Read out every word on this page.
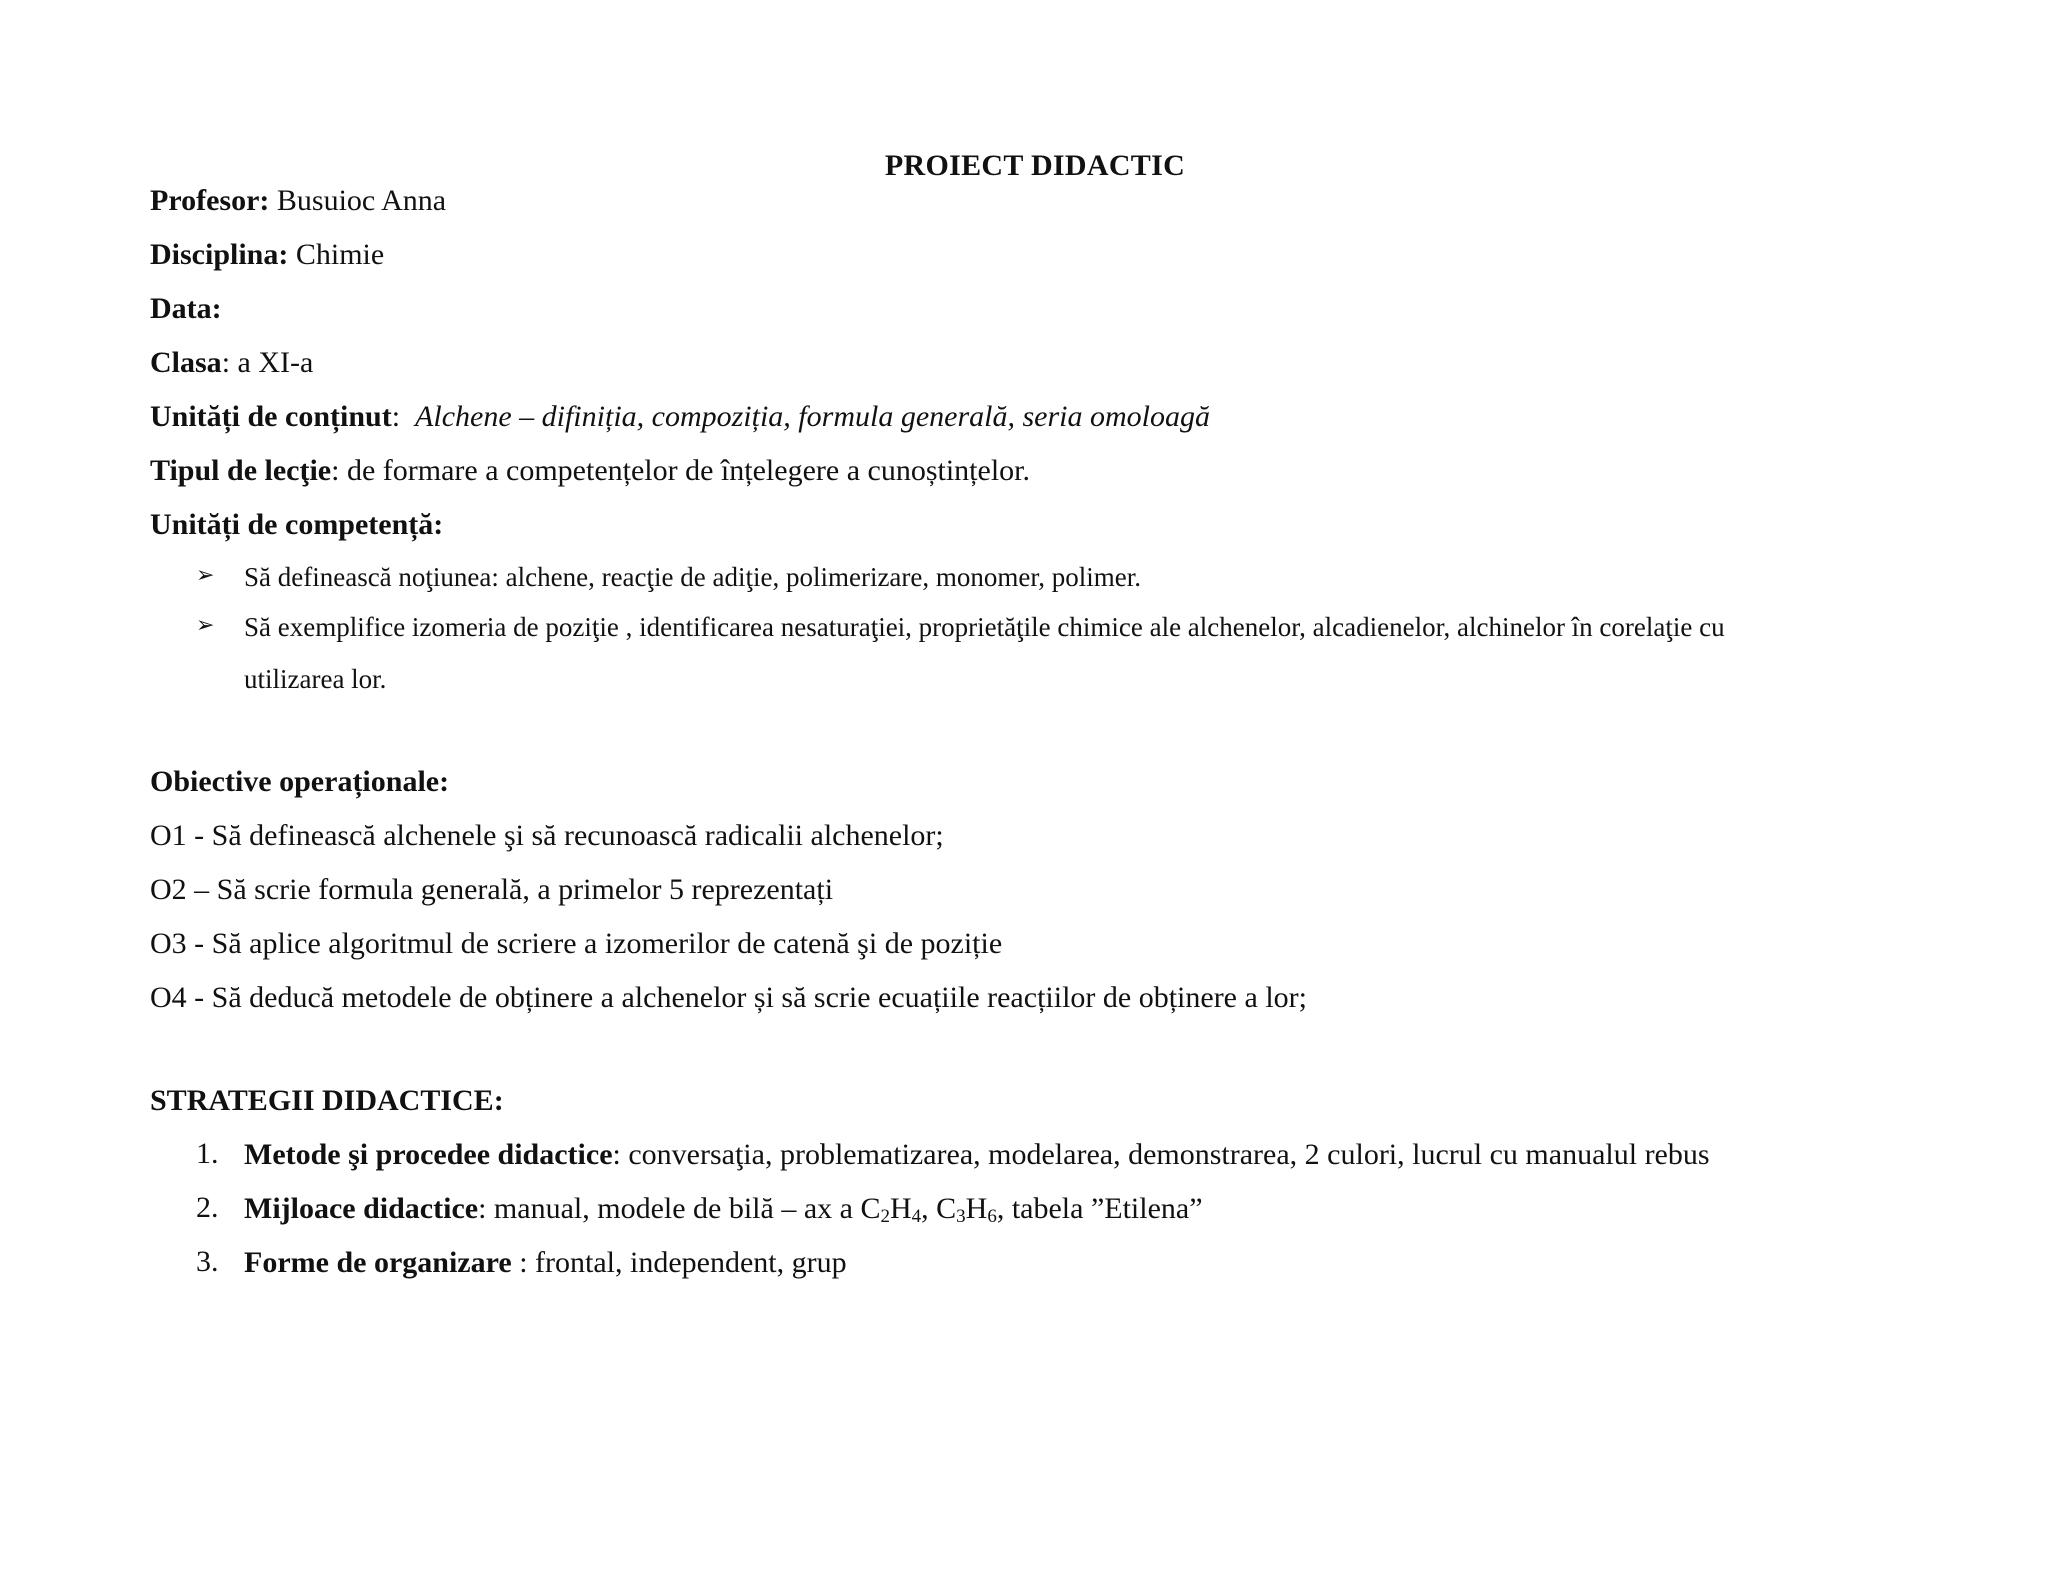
PROIECT DIDACTIC
Profesor: Busuioc Anna
Disciplina: Chimie
Data:
Clasa: a XI-a
Unități de conținut: Alchene – difiniția, compoziția, formula generală, seria omoloagă
Tipul de lecţie: de formare a competențelor de înțelegere a cunoștințelor.
Unități de competență:
➢ Să definească noţiunea: alchene, reacţie de adiţie, polimerizare, monomer, polimer.
➢ Să exemplifice izomeria de poziţie , identificarea nesaturaţiei, proprietăţile chimice ale alchenelor, alcadienelor, alchinelor în corelaţie cu
utilizarea lor.
Obiective operaționale:
O1 - Să definească alchenele şi să recunoască radicalii alchenelor;
O2 – Să scrie formula generală, a primelor 5 reprezentați
O3 - Să aplice algoritmul de scriere a izomerilor de catenă şi de poziție
O4 - Să deducă metodele de obținere a alchenelor și să scrie ecuațiile reacțiilor de obținere a lor;
STRATEGII DIDACTICE:
1. Metode şi procedee didactice: conversaţia, problematizarea, modelarea, demonstrarea, 2 culori, lucrul cu manualul rebus
2. Mijloace didactice: manual, modele de bilă – ax a $C_2H_4$, $C_3H_6$, tabela ”Etilena”
3. Forme de organizare : frontal, independent, grup
